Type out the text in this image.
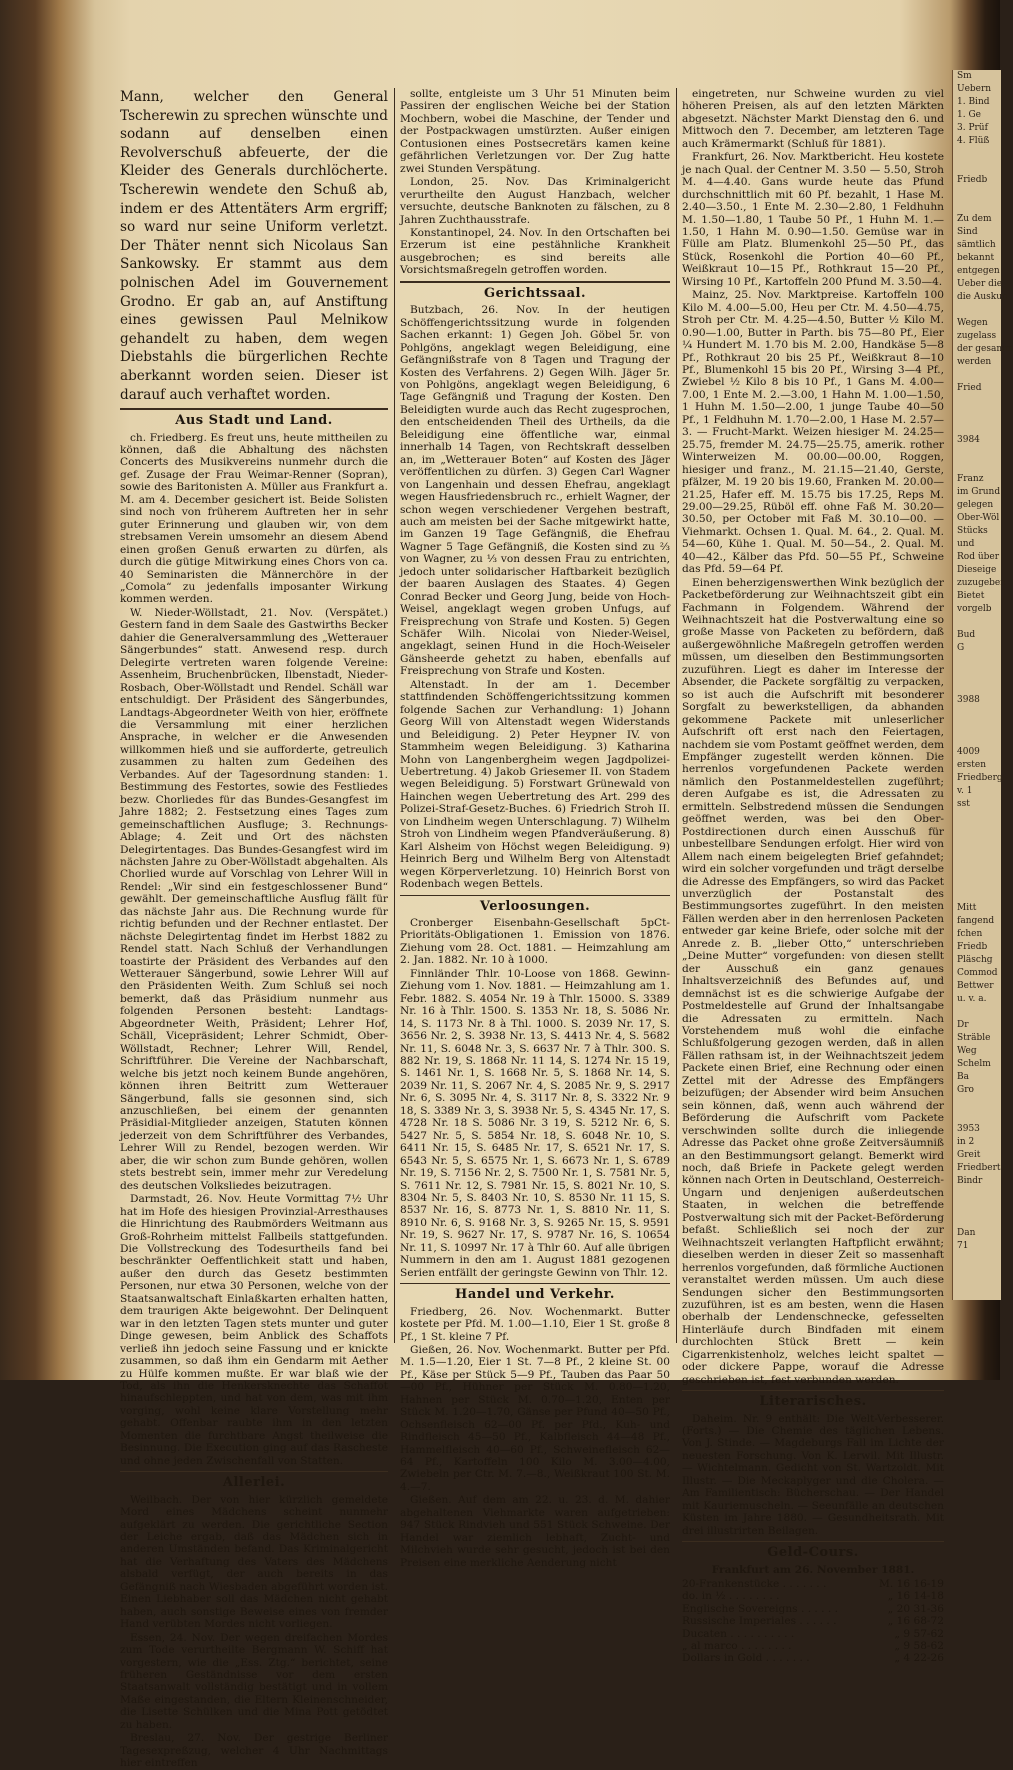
Mann, welcher den General Tscherewin zu sprechen wünschte und sodann auf denselben einen Revolverschuß abfeuerte, der die Kleider des Generals durchlöcherte. Tscherewin wendete den Schuß ab, indem er des Attentäters Arm ergriff; so ward nur seine Uniform verletzt. Der Thäter nennt sich Nicolaus San Sankowsky. Er stammt aus dem polnischen Adel im Gouvernement Grodno. Er gab an, auf Anstiftung eines gewissen Paul Melnikow gehandelt zu haben, dem wegen Diebstahls die bürgerlichen Rechte aberkannt worden seien. Dieser ist darauf auch verhaftet worden.

Aus Stadt und Land.

ch. Friedberg. Es freut uns, heute mittheilen zu können, daß die Abhaltung des nächsten Concerts des Musikvereins nunmehr durch die gef. Zusage der Frau Weimar-Renner (Sopran), sowie des Baritonisten A. Müller aus Frankfurt a. M. am 4. December gesichert ist. Beide Solisten sind noch von früherem Auftreten her in sehr guter Erinnerung und glauben wir, von dem strebsamen Verein umsomehr an diesem Abend einen großen Genuß erwarten zu dürfen, als durch die gütige Mitwirkung eines Chors von ca. 40 Seminaristen die Männerchöre in der „Comola“ zu jedenfalls imposanter Wirkung kommen werden.

W. Nieder-Wöllstadt, 21. Nov. (Verspätet.) Gestern fand in dem Saale des Gastwirths Becker dahier die Generalversammlung des „Wetterauer Sängerbundes“ statt. Anwesend resp. durch Delegirte vertreten waren folgende Vereine: Assenheim, Bruchenbrücken, Ilbenstadt, Nieder-Rosbach, Ober-Wöllstadt und Rendel. Schäll war entschuldigt. Der Präsident des Sängerbundes, Landtags-Abgeordneter Weith von hier, eröffnete die Versammlung mit einer herzlichen Ansprache, in welcher er die Anwesenden willkommen hieß und sie aufforderte, getreulich zusammen zu halten zum Gedeihen des Verbandes. Auf der Tagesordnung standen: 1. Bestimmung des Festortes, sowie des Festliedes bezw. Chorliedes für das Bundes-Gesangfest im Jahre 1882; 2. Festsetzung eines Tages zum gemeinschaftlichen Ausfluge; 3. Rechnungs-Ablage; 4. Zeit und Ort des nächsten Delegirtentages. Das Bundes-Gesangfest wird im nächsten Jahre zu Ober-Wöllstadt abgehalten. Als Chorlied wurde auf Vorschlag von Lehrer Will in Rendel: „Wir sind ein festgeschlossener Bund“ gewählt. Der gemeinschaftliche Ausflug fällt für das nächste Jahr aus. Die Rechnung wurde für richtig befunden und der Rechner entlastet. Der nächste Delegirtentag findet im Herbst 1882 zu Rendel statt. Nach Schluß der Verhandlungen toastirte der Präsident des Verbandes auf den Wetterauer Sängerbund, sowie Lehrer Will auf den Präsidenten Weith. Zum Schluß sei noch bemerkt, daß das Präsidium nunmehr aus folgenden Personen besteht: Landtags-Abgeordneter Weith, Präsident; Lehrer Hof, Schäll, Vicepräsident; Lehrer Schmidt, Ober-Wöllstadt, Rechner; Lehrer Will, Rendel, Schriftführer. Die Vereine der Nachbarschaft, welche bis jetzt noch keinem Bunde angehören, können ihren Beitritt zum Wetterauer Sängerbund, falls sie gesonnen sind, sich anzuschließen, bei einem der genannten Präsidial-Mitglieder anzeigen, Statuten können jederzeit von dem Schriftführer des Verbandes, Lehrer Will zu Rendel, bezogen werden. Wir aber, die wir schon zum Bunde gehören, wollen stets bestrebt sein, immer mehr zur Veredelung des deutschen Volksliedes beizutragen.

Darmstadt, 26. Nov. Heute Vormittag 7½ Uhr hat im Hofe des hiesigen Provinzial-Arresthauses die Hinrichtung des Raubmörders Weitmann aus Groß-Rohrheim mittelst Fallbeils stattgefunden. Die Vollstreckung des Todesurtheils fand bei beschränkter Oeffentlichkeit statt und haben, außer den durch das Gesetz bestimmten Personen, nur etwa 30 Personen, welche von der Staatsanwaltschaft Einlaßkarten erhalten hatten, dem traurigen Akte beigewohnt. Der Delinquent war in den letzten Tagen stets munter und guter Dinge gewesen, beim Anblick des Schaffots verließ ihn jedoch seine Fassung und er knickte zusammen, so daß ihm ein Gendarm mit Aether zu Hülfe kommen mußte. Er war blaß wie der Tod, als ihn die Henkersknechte das Schaffot hinaufschleppten, und hat von dem, was mit ihm vorging, wohl keine klare Vorstellung mehr gehabt. Offenbar raubte ihm in den letzten Momenten die furchtbare Angst theilweise die Besinnung. Die Execution ging auf das Rascheste und ohne jeden Zwischenfall von Statten.

Allerlei.

Weilbach. Der von hier kürzlich gemeldete Mord eines Mädchens scheint nunmehr aufgeklärt zu werden. Die gerichtliche Section der Leiche ergab, daß das Mädchen sich in anderen Umständen befand. Das Kriminalgericht hat die Verhaftung des Vaters des Mädchens alsbald verfügt, der auch bereits in das Gefängniß nach Wiesbaden abgeführt worden ist. Einen Liebhaber soll das Mädchen nicht gehabt haben, auch sonstige Beweise eines von fremder Hand verübten Mordes nicht vorliegen.

Essen, 24. Nov. Der wegen dreifachen Mordes zum Tode verurtheilte Bergmann W. Schiff hat vorgestern, wie die „Ess. Ztg.“ berichtet, seine früheren Geständnisse vor dem ersten Staatsanwalt vollständig bestätigt und in vollem Maße eingestanden, die Eltern Kleinenschneider, die Lisette Schülken und die Mina Pott getödtet zu haben.

Breslau, 27. Nov. Der gestrige Berliner Tagesexpreßzug, welcher 4 Uhr Nachmittags hier eintreffen

sollte, entgleiste um 3 Uhr 51 Minuten beim Passiren der englischen Weiche bei der Station Mochbern, wobei die Maschine, der Tender und der Postpackwagen umstürzten. Außer einigen Contusionen eines Postsecretärs kamen keine gefährlichen Verletzungen vor. Der Zug hatte zwei Stunden Verspätung.

London, 25. Nov. Das Kriminalgericht verurtheilte den August Hanzbach, welcher versuchte, deutsche Banknoten zu fälschen, zu 8 Jahren Zuchthausstrafe.

Konstantinopel, 24. Nov. In den Ortschaften bei Erzerum ist eine pestähnliche Krankheit ausgebrochen; es sind bereits alle Vorsichtsmaßregeln getroffen worden.

Gerichtssaal.

Butzbach, 26. Nov. In der heutigen Schöffengerichtssitzung wurde in folgenden Sachen erkannt: 1) Gegen Joh. Göbel 5r. von Pohlgöns, angeklagt wegen Beleidigung, eine Gefängnißstrafe von 8 Tagen und Tragung der Kosten des Verfahrens. 2) Gegen Wilh. Jäger 5r. von Pohlgöns, angeklagt wegen Beleidigung, 6 Tage Gefängniß und Tragung der Kosten. Den Beleidigten wurde auch das Recht zugesprochen, den entscheidenden Theil des Urtheils, da die Beleidigung eine öffentliche war, einmal innerhalb 14 Tagen, von Rechtskraft desselben an, im „Wetterauer Boten“ auf Kosten des Jäger veröffentlichen zu dürfen. 3) Gegen Carl Wagner von Langenhain und dessen Ehefrau, angeklagt wegen Hausfriedensbruch rc., erhielt Wagner, der schon wegen verschiedener Vergehen bestraft, auch am meisten bei der Sache mitgewirkt hatte, im Ganzen 19 Tage Gefängniß, die Ehefrau Wagner 5 Tage Gefängniß, die Kosten sind zu ⅔ von Wagner, zu ⅓ von dessen Frau zu entrichten, jedoch unter solidarischer Haftbarkeit bezüglich der baaren Auslagen des Staates. 4) Gegen Conrad Becker und Georg Jung, beide von Hoch-Weisel, angeklagt wegen groben Unfugs, auf Freisprechung von Strafe und Kosten. 5) Gegen Schäfer Wilh. Nicolai von Nieder-Weisel, angeklagt, seinen Hund in die Hoch-Weiseler Gänsheerde gehetzt zu haben, ebenfalls auf Freisprechung von Strafe und Kosten.

Altenstadt. In der am 1. December stattfindenden Schöffengerichtssitzung kommen folgende Sachen zur Verhandlung: 1) Johann Georg Will von Altenstadt wegen Widerstands und Beleidigung. 2) Peter Heypner IV. von Stammheim wegen Beleidigung. 3) Katharina Mohn von Langenbergheim wegen Jagdpolizei-Uebertretung. 4) Jakob Griesemer II. von Stadem wegen Beleidigung. 5) Forstwart Grünewald von Hainchen wegen Uebertretung des Art. 299 des Polizei-Straf-Gesetz-Buches. 6) Friedrich Stroh II. von Lindheim wegen Unterschlagung. 7) Wilhelm Stroh von Lindheim wegen Pfandveräußerung. 8) Karl Alsheim von Höchst wegen Beleidigung. 9) Heinrich Berg und Wilhelm Berg von Altenstadt wegen Körperverletzung. 10) Heinrich Borst von Rodenbach wegen Bettels.

Verloosungen.

Cronberger Eisenbahn-Gesellschaft 5pCt-Prioritäts-Obligationen 1. Emission von 1876. Ziehung vom 28. Oct. 1881. — Heimzahlung am 2. Jan. 1882. Nr. 10 à 1000.

Finnländer Thlr. 10-Loose von 1868. Gewinn-Ziehung vom 1. Nov. 1881. — Heimzahlung am 1. Febr. 1882. S. 4054 Nr. 19 à Thlr. 15000. S. 3389 Nr. 16 à Thlr. 1500. S. 1353 Nr. 18, S. 5086 Nr. 14, S. 1173 Nr. 8 à Thl. 1000. S. 2039 Nr. 17, S. 3656 Nr. 2, S. 3938 Nr. 13, S. 4413 Nr. 4, S. 5682 Nr. 11, S. 6048 Nr. 3, S. 6637 Nr. 7 à Thlr. 300. S. 882 Nr. 19, S. 1868 Nr. 11 14, S. 1274 Nr. 15 19, S. 1461 Nr. 1, S. 1668 Nr. 5, S. 1868 Nr. 14, S. 2039 Nr. 11, S. 2067 Nr. 4, S. 2085 Nr. 9, S. 2917 Nr. 6, S. 3095 Nr. 4, S. 3117 Nr. 8, S. 3322 Nr. 9 18, S. 3389 Nr. 3, S. 3938 Nr. 5, S. 4345 Nr. 17, S. 4728 Nr. 18 S. 5086 Nr. 3 19, S. 5212 Nr. 6, S. 5427 Nr. 5, S. 5854 Nr. 18, S. 6048 Nr. 10, S. 6411 Nr. 15, S. 6485 Nr. 17, S. 6521 Nr. 17, S. 6543 Nr. 5, S. 6575 Nr. 1, S. 6673 Nr. 1, S. 6789 Nr. 19, S. 7156 Nr. 2, S. 7500 Nr. 1, S. 7581 Nr. 5, S. 7611 Nr. 12, S. 7981 Nr. 15, S. 8021 Nr. 10, S. 8304 Nr. 5, S. 8403 Nr. 10, S. 8530 Nr. 11 15, S. 8537 Nr. 16, S. 8773 Nr. 1, S. 8810 Nr. 11, S. 8910 Nr. 6, S. 9168 Nr. 3, S. 9265 Nr. 15, S. 9591 Nr. 19, S. 9627 Nr. 17, S. 9787 Nr. 16, S. 10654 Nr. 11, S. 10997 Nr. 17 à Thlr 60. Auf alle übrigen Nummern in den am 1. August 1881 gezogenen Serien entfällt der geringste Gewinn von Thlr. 12.

Handel und Verkehr.

Friedberg, 26. Nov. Wochenmarkt. Butter kostete per Pfd. M. 1.00—1.10, Eier 1 St. große 8 Pf., 1 St. kleine 7 Pf.

Gießen, 26. Nov. Wochenmarkt. Butter per Pfd. M. 1.5—1.20, Eier 1 St. 7—8 Pf., 2 kleine St. 00 Pf., Käse per Stück 5—9 Pf., Tauben das Paar 50—00 Pf., Hühner per Stück M. 0.80—1.20, Hahnen per Stück M. 0.70—1.20, Enten per Stück M. 1.20—1.70, Gänse per Pfund 40—50 Pf., Ochsenfleisch 62—00 Pf. per Pfd., Kuh- und Rindfleisch 45—50 Pf., Kalbfleisch 44—48 Pf., Hammelfleisch 40—60 Pf., Schweinefleisch 62—64 Pf., Kartoffeln 100 Kilo M. 3.00—4.00, Zwiebeln per Ctr. M. 7.—8., Weißkraut 100 St. M. 4.—7.

Gießen. Auf dem am 22. u. 23. d. M. dahier abgehaltenen Viehmarkte waren aufgetrieben: 947 Stück Rindvieh und 551 Stück Schweine. Der Handel war ziemlich lebhaft, Zucht- und Milchvieh wurde sehr gesucht, jedoch ist bei den Preisen eine merkliche Aenderung nicht

eingetreten, nur Schweine wurden zu viel höheren Preisen, als auf den letzten Märkten abgesetzt. Nächster Markt Dienstag den 6. und Mittwoch den 7. December, am letzteren Tage auch Krämermarkt (Schluß für 1881).

Frankfurt, 26. Nov. Marktbericht. Heu kostete je nach Qual. der Centner M. 3.50 — 5.50, Stroh M. 4—4.40. Gans wurde heute das Pfund durchschnittlich mit 60 Pf. bezahlt, 1 Hase M. 2.40—3.50., 1 Ente M. 2.30—2.80, 1 Feldhuhn M. 1.50—1.80, 1 Taube 50 Pf., 1 Huhn M. 1.—1.50, 1 Hahn M. 0.90—1.50. Gemüse war in Fülle am Platz. Blumenkohl 25—50 Pf., das Stück, Rosenkohl die Portion 40—60 Pf., Weißkraut 10—15 Pf., Rothkraut 15—20 Pf., Wirsing 10 Pf., Kartoffeln 200 Pfund M. 3.50—4.

Mainz, 25. Nov. Marktpreise. Kartoffeln 100 Kilo M. 4.00—5.00, Heu per Ctr. M. 4.50—4.75, Stroh per Ctr. M. 4.25—4.50, Butter ½ Kilo M. 0.90—1.00, Butter in Parth. bis 75—80 Pf., Eier ¼ Hundert M. 1.70 bis M. 2.00, Handkäse 5—8 Pf., Rothkraut 20 bis 25 Pf., Weißkraut 8—10 Pf., Blumenkohl 15 bis 20 Pf., Wirsing 3—4 Pf., Zwiebel ½ Kilo 8 bis 10 Pf., 1 Gans M. 4.00—7.00, 1 Ente M. 2.—3.00, 1 Hahn M. 1.00—1.50, 1 Huhn M. 1.50—2.00, 1 junge Taube 40—50 Pf., 1 Feldhuhn M. 1.70—2.00, 1 Hase M. 2.57—3. — Frucht-Markt. Weizen hiesiger M. 24.25—25.75, fremder M. 24.75—25.75, amerik. rother Winterweizen M. 00.00—00.00, Roggen, hiesiger und franz., M. 21.15—21.40, Gerste, pfälzer, M. 19 20 bis 19.60, Franken M. 20.00—21.25, Hafer eff. M. 15.75 bis 17.25, Reps M. 29.00—29.25, Rüböl eff. ohne Faß M. 30.20—30.50, per October mit Faß M. 30.10—00. — Viehmarkt. Ochsen 1. Qual. M. 64., 2. Qual. M. 54—60, Kühe 1. Qual. M. 50—54., 2. Qual. M. 40—42., Kälber das Pfd. 50—55 Pf., Schweine das Pfd. 59—64 Pf.

Einen beherzigenswerthen Wink bezüglich der Packetbeförderung zur Weihnachtszeit gibt ein Fachmann in Folgendem. Während der Weihnachtszeit hat die Postverwaltung eine so große Masse von Packeten zu befördern, daß außergewöhnliche Maßregeln getroffen werden müssen, um dieselben den Bestimmungsorten zuzuführen. Liegt es daher im Interesse der Absender, die Packete sorgfältig zu verpacken, so ist auch die Aufschrift mit besonderer Sorgfalt zu bewerkstelligen, da abhanden gekommene Packete mit unleserlicher Aufschrift oft erst nach den Feiertagen, nachdem sie vom Postamt geöffnet werden, dem Empfänger zugestellt werden können. Die herrenlos vorgefundenen Packete werden nämlich den Postanmeldestellen zugeführt; deren Aufgabe es ist, die Adressaten zu ermitteln. Selbstredend müssen die Sendungen geöffnet werden, was bei den Ober-Postdirectionen durch einen Ausschuß für unbestellbare Sendungen erfolgt. Hier wird von Allem nach einem beigelegten Brief gefahndet; wird ein solcher vorgefunden und trägt derselbe die Adresse des Empfängers, so wird das Packet unverzüglich der Postanstalt des Bestimmungsortes zugeführt. In den meisten Fällen werden aber in den herrenlosen Packeten entweder gar keine Briefe, oder solche mit der Anrede z. B. „lieber Otto,“ unterschrieben „Deine Mutter“ vorgefunden: von diesen stellt der Ausschuß ein ganz genaues Inhaltsverzeichniß des Befundes auf, und demnächst ist es die schwierige Aufgabe der Postmeldestelle auf Grund der Inhaltsangabe die Adressaten zu ermitteln. Nach Vorstehendem muß wohl die einfache Schlußfolgerung gezogen werden, daß in allen Fällen rathsam ist, in der Weihnachtszeit jedem Packete einen Brief, eine Rechnung oder einen Zettel mit der Adresse des Empfängers beizufügen; der Absender wird beim Ansuchen sein können, daß, wenn auch während der Beförderung die Aufschrift vom Packete verschwinden sollte durch die inliegende Adresse das Packet ohne große Zeitversäumniß an den Bestimmungsort gelangt. Bemerkt wird noch, daß Briefe in Packete gelegt werden können nach Orten in Deutschland, Oesterreich-Ungarn und denjenigen außerdeutschen Staaten, in welchen die betreffende Postverwaltung sich mit der Packet-Beförderung befaßt. Schließlich sei noch der zur Weihnachtszeit verlangten Haftpflicht erwähnt; dieselben werden in dieser Zeit so massenhaft herrenlos vorgefunden, daß förmliche Auctionen veranstaltet werden müssen. Um auch diese Sendungen sicher den Bestimmungsorten zuzuführen, ist es am besten, wenn die Hasen oberhalb der Lendenschnecke, gefesselten Hinterläufe durch Bindfaden mit einem durchlochten Stück Brett — kein Cigarrenkistenholz, welches leicht spaltet — oder dickere Pappe, worauf die Adresse geschrieben ist, fest verbunden werden.

Literarisches.

Daheim. Nr. 9 enthält: Die Welt-Verbesserer. (Forts.) — Die Chemie des täglichen Lebens. Von J. Stinde. — Magdeburgs Fall im Lichte der neuesten Forschung. Von K. Lerwil. Mit Illustr. — Wichtelmann. Gedicht von St. Wartzoldt. Mit Illustr. — Die Meckaplyger und die Cholera. — Am Familientisch: Bücherschau. — Der Handel mit Kauriemuscheln. — Seeunfälle an deutschen Küsten im Jahre 1880. — Gesundheitsrath. Mit drei illustrirten Beilagen.

Geld-Cours.
Frankfurt am 26. November 1881.
20-Frankenstücke . . . . . . .	M. 16 16-19
do. in ½ . . . . . . . .	„ 16 14-18
Englische Sovereigns . . . . . .	„ 20 31-36
Russische Imperiales . . . . . .	„ 16 68-72
Ducaten . . . . . . . . . .	„ 9 57-62
„ al marco . . . . . . . .	„ 9 58-62
Dollars in Gold . . . . . . .	„ 4 22-26
Sm
Uebern
1. Bind
1. Ge
3. Prüf
4. Flüß

Friedb

Zu dem
Sind
sämtlich
bekannt
entgegen
Ueber die
die Auskun

Wegen
zugelass
der gesamm
werden

Fried

3984

Franz
im Grund
gelegen
Ober-Wöl
Stücks
und
Rod über
Dieseige
zuzugeben
Bietet
vorgelb

Bud
G

3988

4009
ersten
Friedberg
v. 1
sst

Mitt
fangend
fchen
Friedb
Pläschg
Commod
Bettwer
u. v. a.

Dr
Sträble
Weg
Schelm
Ba
Gro

3953
in 2
Greit
Friedbert
Bindr

Dan
71
